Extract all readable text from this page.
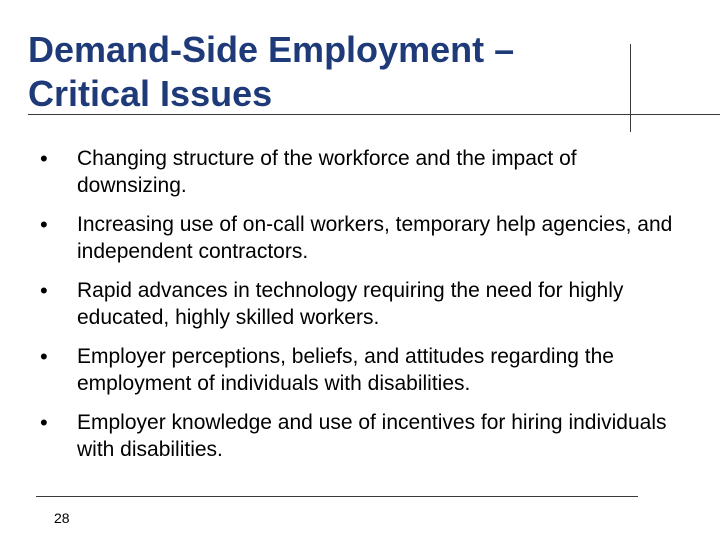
Demand-Side Employment – Critical Issues
• Changing structure of the workforce and the impact of downsizing.
• Increasing use of on-call workers, temporary help agencies, and independent contractors.
• Rapid advances in technology requiring the need for highly educated, highly skilled workers.
• Employer perceptions, beliefs, and attitudes regarding the employment of individuals with disabilities.
• Employer knowledge and use of incentives for hiring individuals with disabilities.
28
